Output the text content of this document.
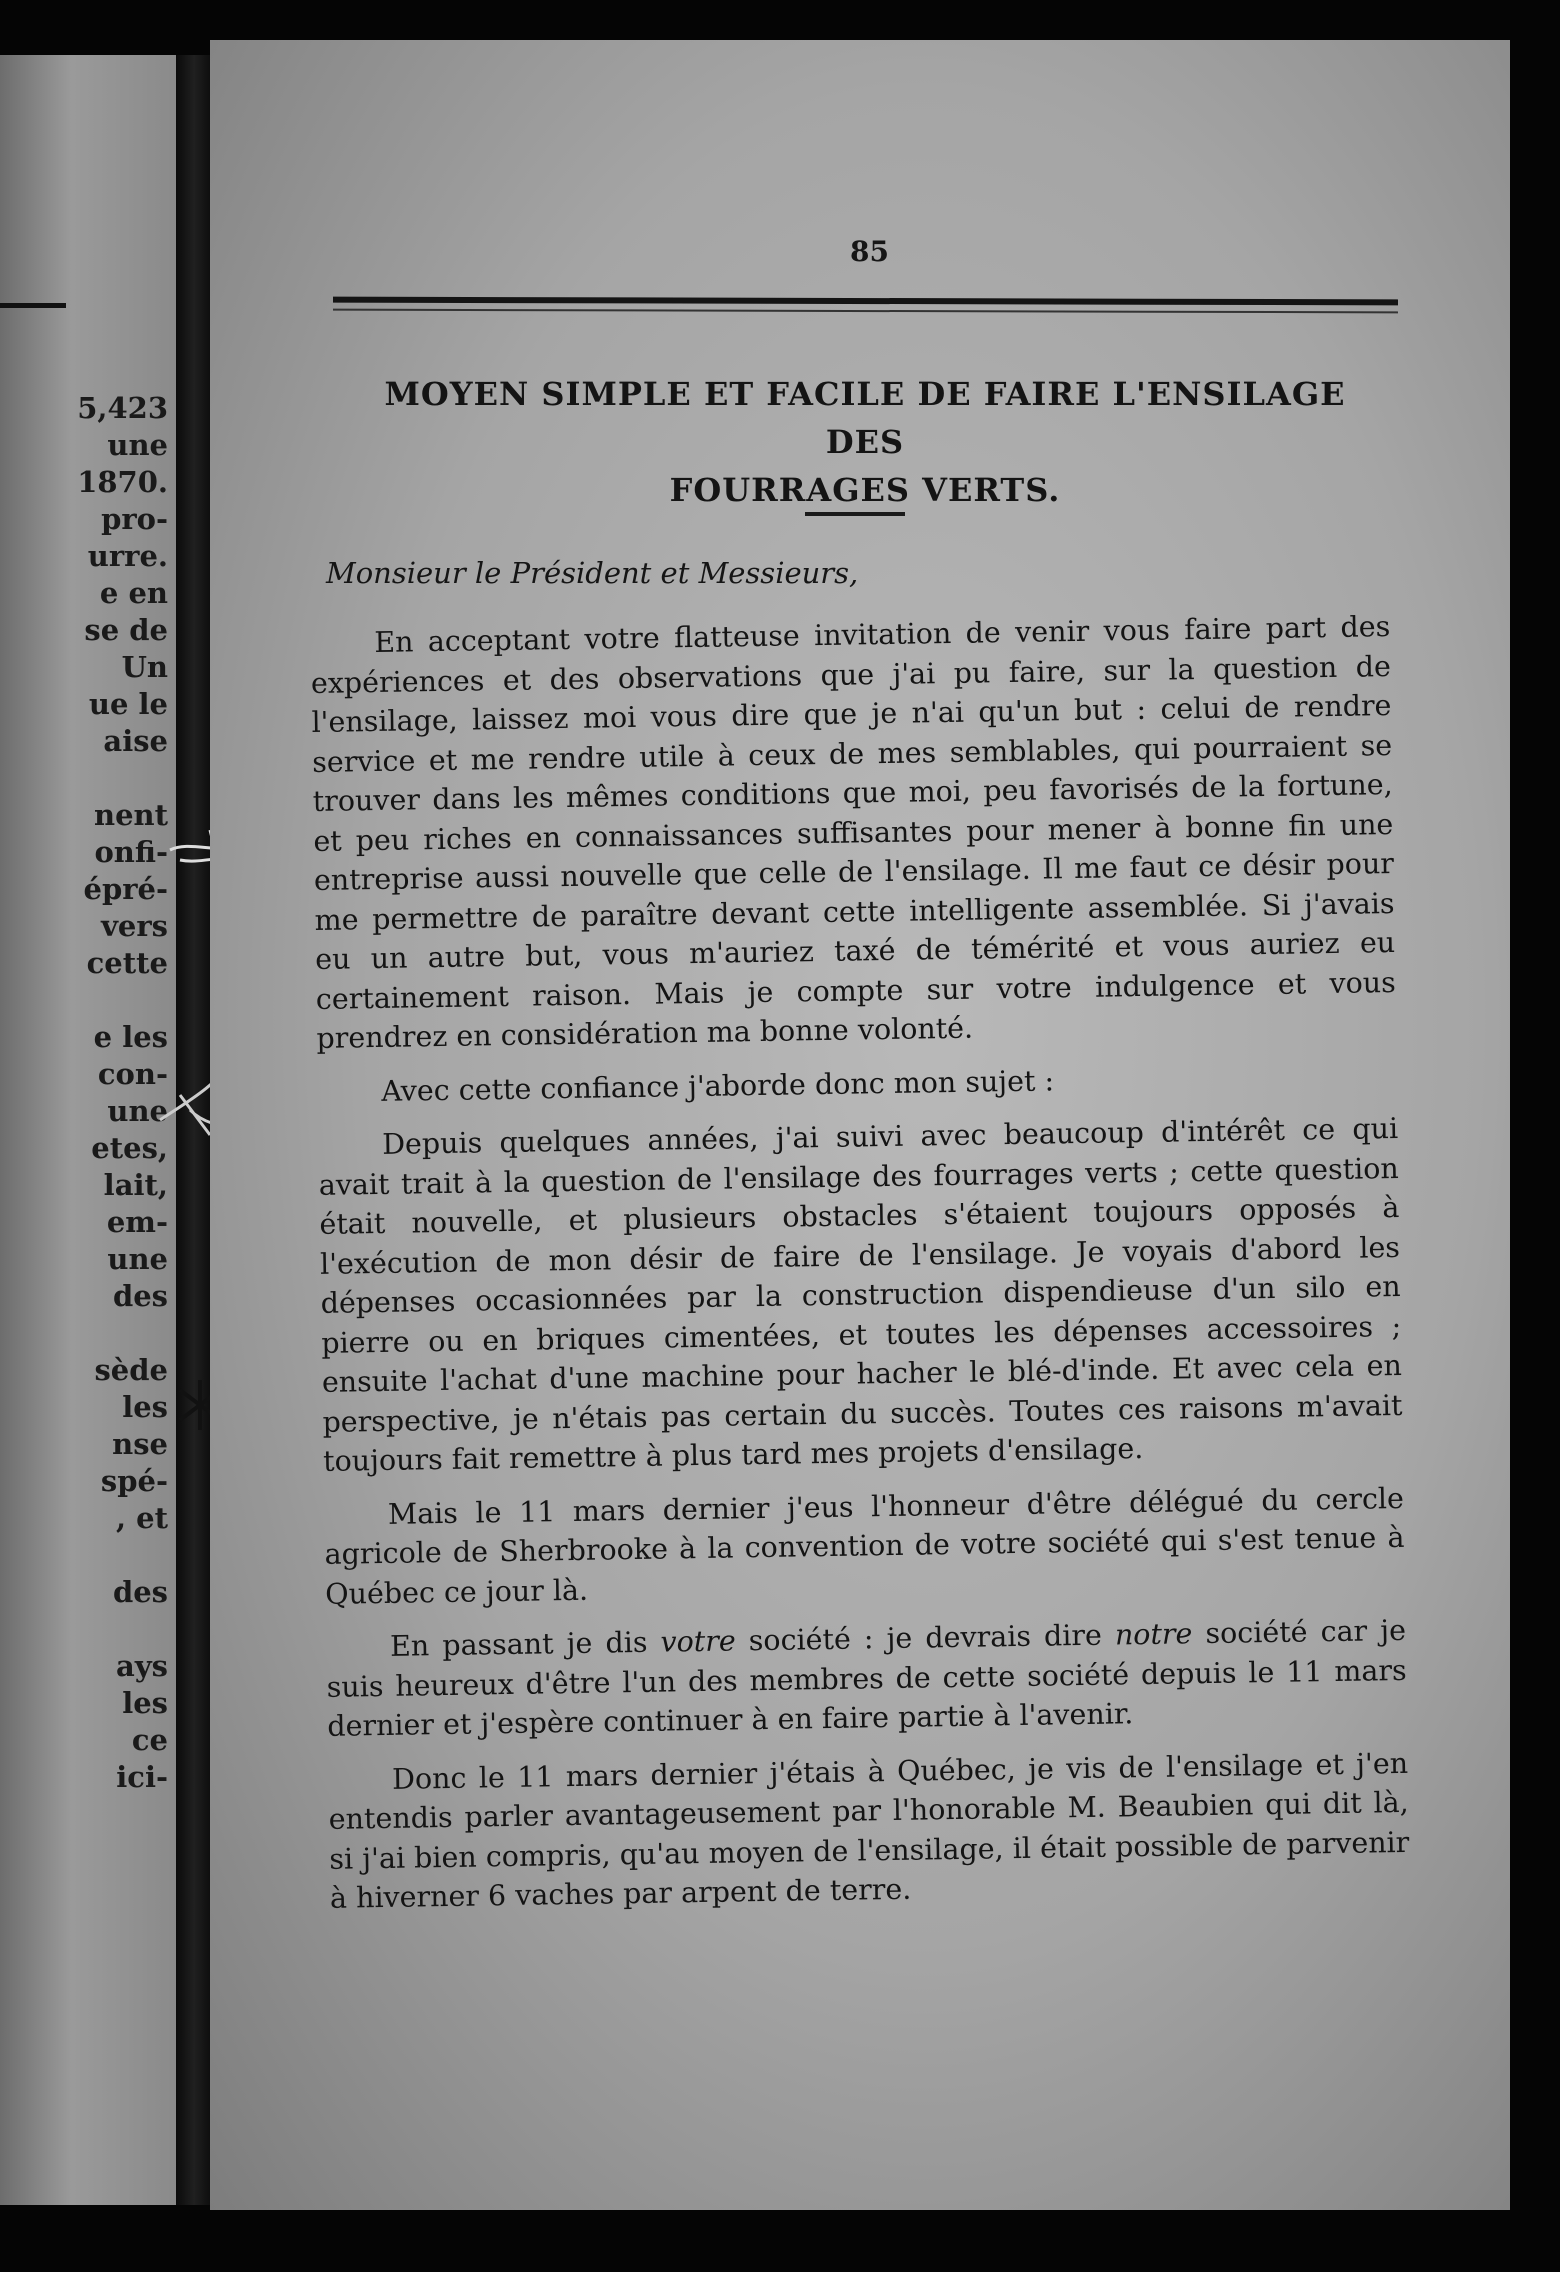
5,423
une
1870.
pro-
urre.
e en
se de
Un
ue le
aise
nent
onfi-
épré-
vers
cette
e les
con-
une
etes,
lait,
em-
une
des
sède
les
nse
spé-
, et
des
ays
les
ce
ici-
85
MOYEN SIMPLE ET FACILE DE FAIRE L'ENSILAGE DES
FOURRAGES VERTS.
Monsieur le Président et Messieurs,

En acceptant votre flatteuse invitation de venir vous faire part des expériences et des observations que j'ai pu faire, sur la question de l'ensilage, laissez moi vous dire que je n'ai qu'un but : celui de rendre service et me rendre utile à ceux de mes semblables, qui pourraient se trouver dans les mêmes conditions que moi, peu favorisés de la fortune, et peu riches en connaissances suffisantes pour mener à bonne fin une entreprise aussi nouvelle que celle de l'ensilage. Il me faut ce désir pour me permettre de paraître devant cette intelligente assemblée. Si j'avais eu un autre but, vous m'auriez taxé de témérité et vous auriez eu certainement raison. Mais je compte sur votre indulgence et vous prendrez en considération ma bonne volonté.

Avec cette confiance j'aborde donc mon sujet :

Depuis quelques années, j'ai suivi avec beaucoup d'intérêt ce qui avait trait à la question de l'ensilage des fourrages verts ; cette question était nouvelle, et plusieurs obstacles s'étaient toujours opposés à l'exécution de mon désir de faire de l'ensilage. Je voyais d'abord les dépenses occasionnées par la construction dispendieuse d'un silo en pierre ou en briques cimentées, et toutes les dépenses accessoires ; ensuite l'achat d'une machine pour hacher le blé-d'inde. Et avec cela en perspective, je n'étais pas certain du succès. Toutes ces raisons m'avait toujours fait remettre à plus tard mes projets d'ensilage.

Mais le 11 mars dernier j'eus l'honneur d'être délégué du cercle agricole de Sherbrooke à la convention de votre société qui s'est tenue à Québec ce jour là.

En passant je dis votre société : je devrais dire notre société car je suis heureux d'être l'un des membres de cette société depuis le 11 mars dernier et j'espère continuer à en faire partie à l'avenir.

Donc le 11 mars dernier j'étais à Québec, je vis de l'ensilage et j'en entendis parler avantageusement par l'honorable M. Beaubien qui dit là, si j'ai bien compris, qu'au moyen de l'ensilage, il était possible de parvenir à hiverner 6 vaches par arpent de terre.
